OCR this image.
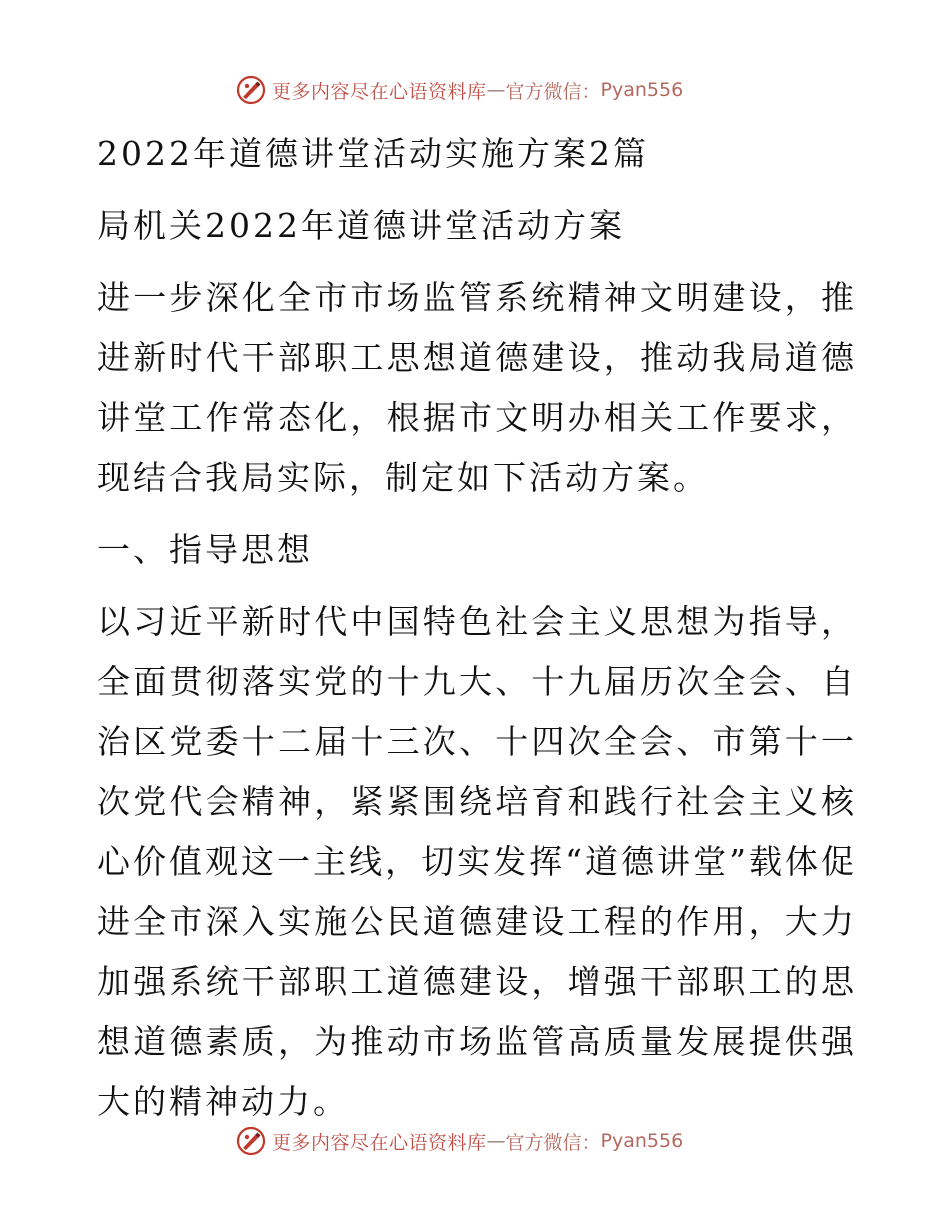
更多内容尽在心语资料库 — 官方微信： Pyan556

2022年道德讲堂活动实施方案2篇

局机关2022年道德讲堂活动方案

进一步深化全市市场监管系统精神文明建设，推进新时代干部职工思想道德建设，推动我局道德讲堂工作常态化，根据市文明办相关工作要求，现结合我局实际，制定如下活动方案。

一、指导思想

以习近平新时代中国特色社会主义思想为指导，全面贯彻落实党的十九大、十九届历次全会、自治区党委十二届十三次、十四次全会、市第十一次党代会精神，紧紧围绕培育和践行社会主义核心价值观这一主线，切实发挥“道德讲堂”载体促进全市深入实施公民道德建设工程的作用，大力加强系统干部职工道德建设，增强干部职工的思想道德素质，为推动市场监管高质量发展提供强大的精神动力。

更多内容尽在心语资料库 — 官方微信： Pyan556
